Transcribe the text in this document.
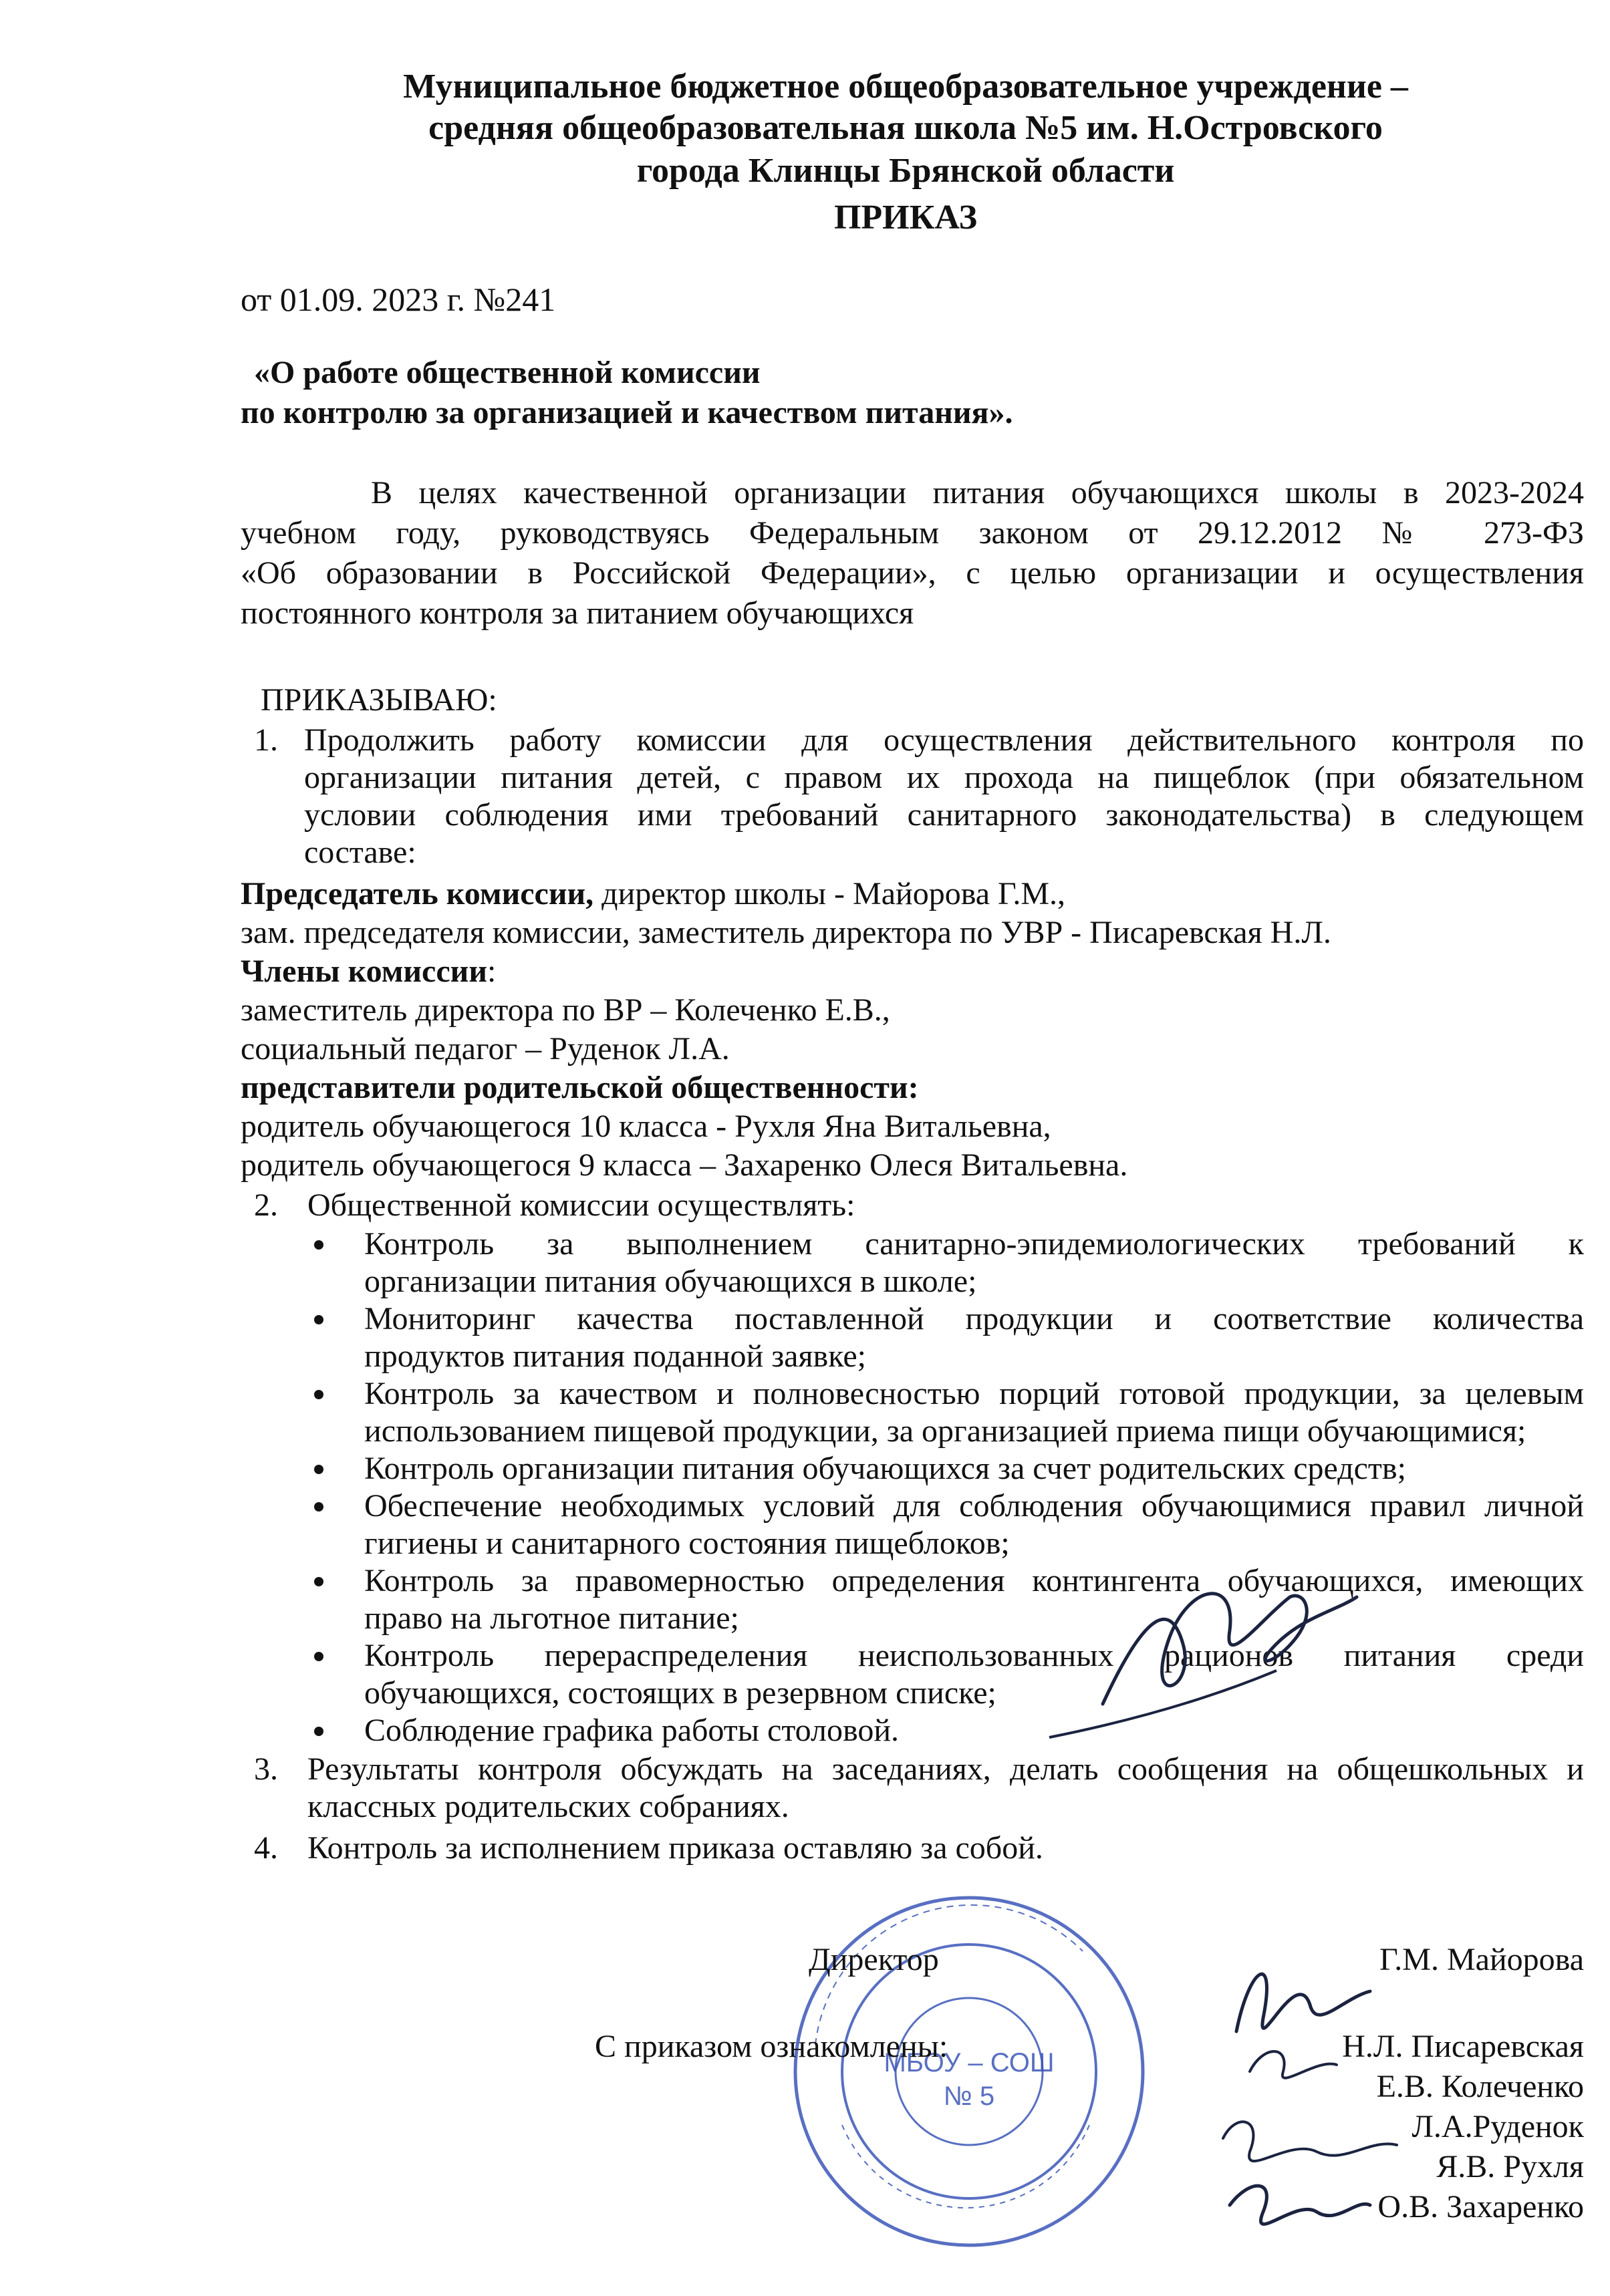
Муниципальное бюджетное общеобразовательное учреждение –
средняя общеобразовательная школа №5 им. Н.Островского
города Клинцы Брянской области
ПРИКАЗ
от 01.09. 2023 г. №241
«О работе общественной комиссии
по контролю за организацией и качеством питания».
В целях качественной организации питания обучающихся школы в 2023-2024
учебном году, руководствуясь Федеральным законом от 29.12.2012 № 273-ФЗ
«Об образовании в Российской Федерации», с целью организации и осуществления
постоянного контроля за питанием обучающихся
ПРИКАЗЫВАЮ:
1. Продолжить работу комиссии для осуществления действительного контроля по
организации питания детей, с правом их прохода на пищеблок (при обязательном
условии соблюдения ими требований санитарного законодательства) в следующем
составе:
Председатель комиссии, директор школы - Майорова Г.М.,
зам. председателя комиссии, заместитель директора по УВР - Писаревская Н.Л.
Члены комиссии:
заместитель директора по ВР – Колеченко Е.В.,
социальный педагог – Руденок Л.А.
представители родительской общественности:
родитель обучающегося 10 класса - Рухля Яна Витальевна,
родитель обучающегося 9 класса – Захаренко Олеся Витальевна.
2. Общественной комиссии осуществлять:
Контроль за выполнением санитарно-эпидемиологических требований к
организации питания обучающихся в школе;
Мониторинг качества поставленной продукции и соответствие количества
продуктов питания поданной заявке;
Контроль за качеством и полновесностью порций готовой продукции, за целевым
использованием пищевой продукции, за организацией приема пищи обучающимися;
Контроль организации питания обучающихся за счет родительских средств;
Обеспечение необходимых условий для соблюдения обучающимися правил личной
гигиены и санитарного состояния пищеблоков;
Контроль за правомерностью определения контингента обучающихся, имеющих
право на льготное питание;
Контроль перераспределения неиспользованных рационов питания среди
обучающихся, состоящих в резервном списке;
Соблюдение графика работы столовой.
3. Результаты контроля обсуждать на заседаниях, делать сообщения на общешкольных и
классных родительских собраниях.
4. Контроль за исполнением приказа оставляю за собой.
МБОУ – СОШ
№ 5
Директор	Г.М. Майорова
С приказом ознакомлены:	Н.Л. Писаревская
Е.В. Колеченко
Л.А.Руденок
Я.В. Рухля
О.В. Захаренко
